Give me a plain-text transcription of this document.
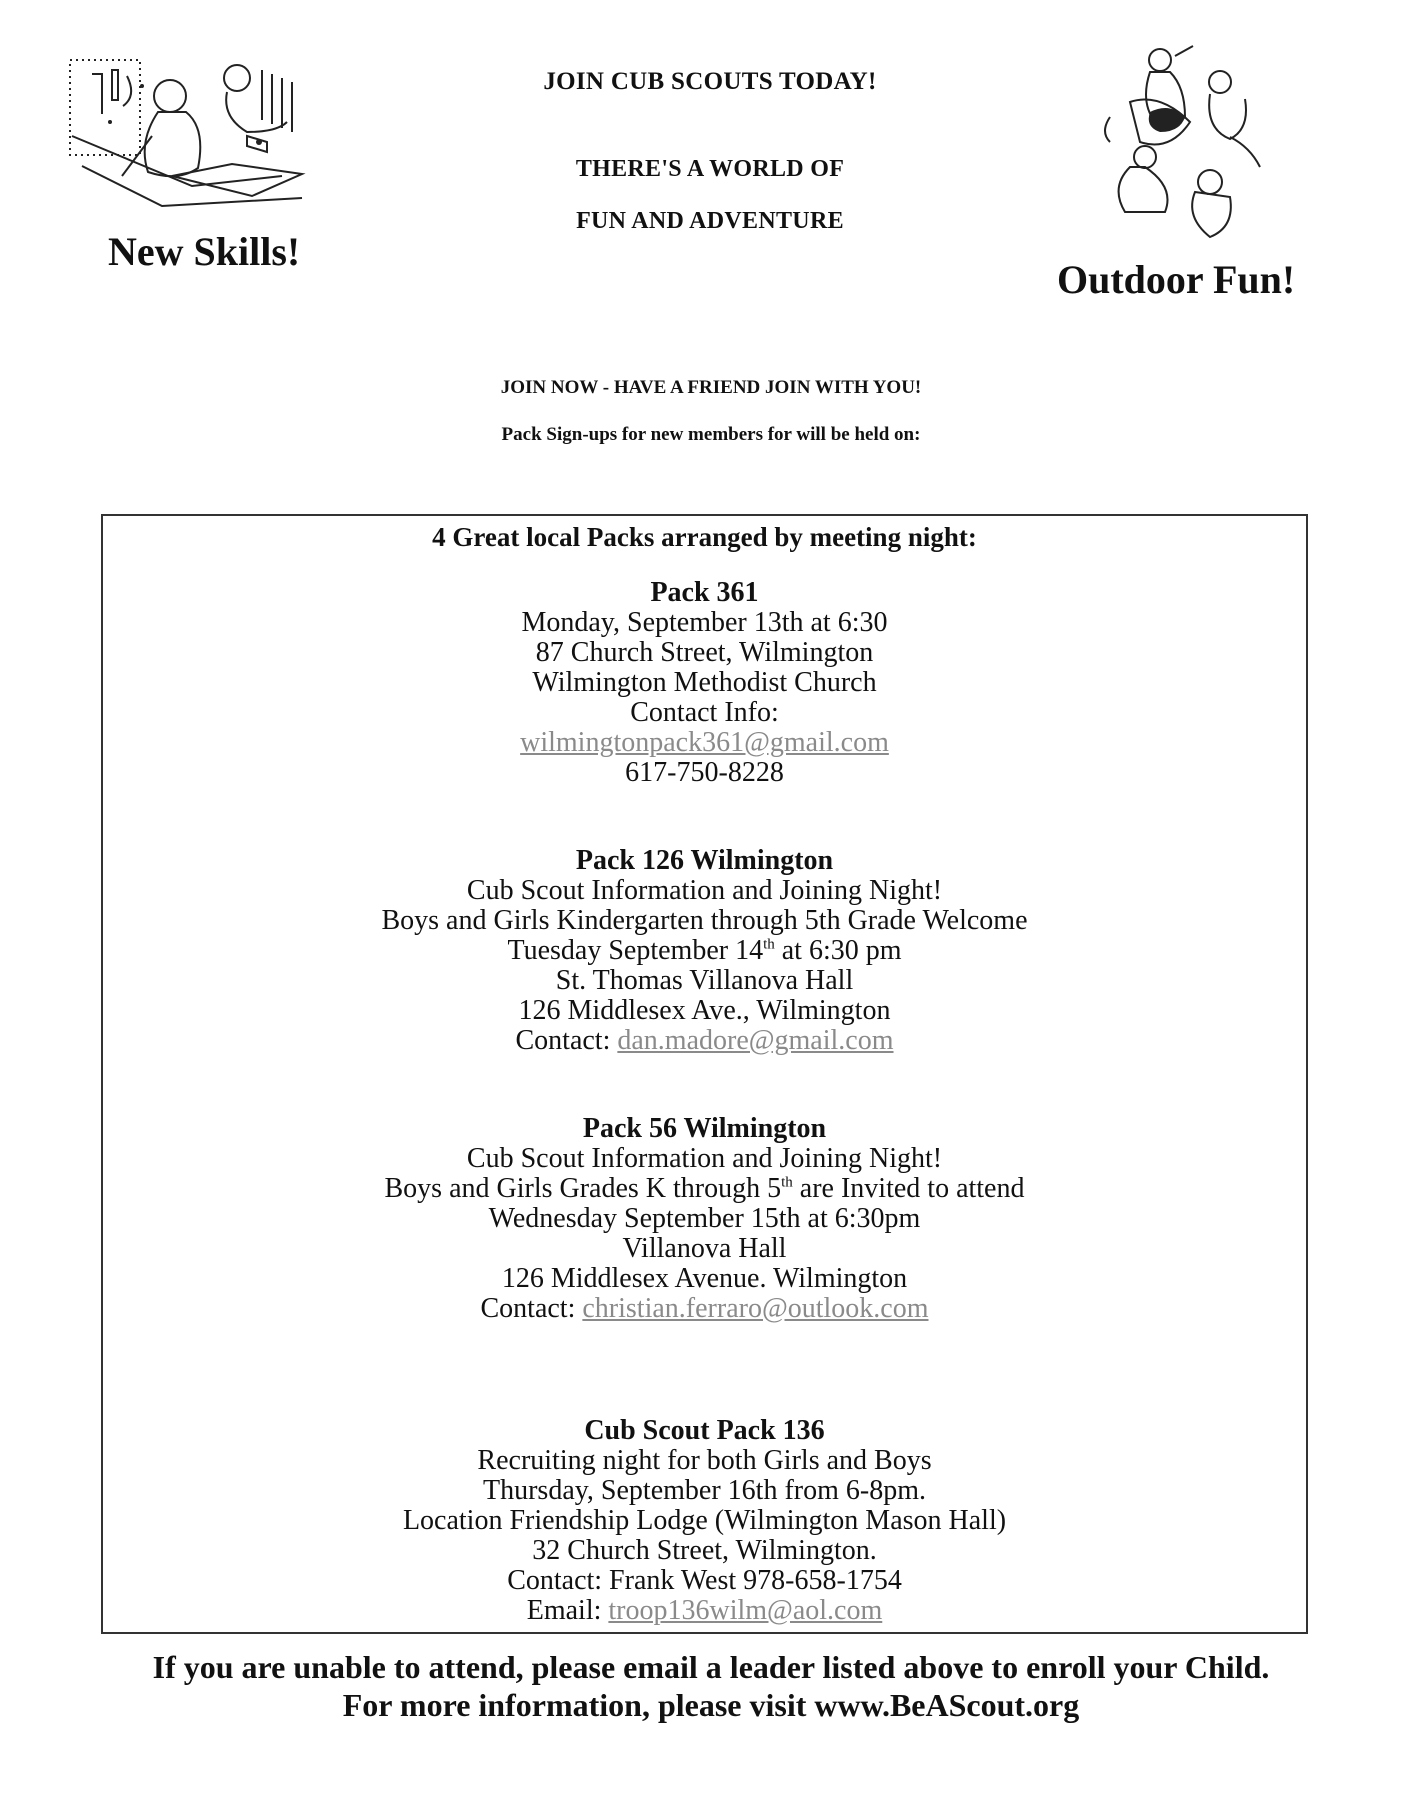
JOIN CUB SCOUTS TODAY!
THERE'S A WORLD OF
FUN AND ADVENTURE
New Skills!
Outdoor Fun!
JOIN NOW - HAVE A FRIEND JOIN WITH YOU!
Pack Sign-ups for new members for will be held on:
4 Great local Packs arranged by meeting night:
Pack 361
Monday, September 13th at 6:30
87 Church Street, Wilmington
Wilmington Methodist Church
Contact Info:
wilmingtonpack361@gmail.com
617-750-8228
Pack 126 Wilmington
Cub Scout Information and Joining Night!
Boys and Girls Kindergarten through 5th Grade Welcome
Tuesday September 14th at 6:30 pm
St. Thomas Villanova Hall
126 Middlesex Ave., Wilmington
Contact: dan.madore@gmail.com
Pack 56 Wilmington
Cub Scout Information and Joining Night!
Boys and Girls Grades K through 5th are Invited to attend
Wednesday September 15th at 6:30pm
Villanova Hall
126 Middlesex Avenue. Wilmington
Contact: christian.ferraro@outlook.com
Cub Scout Pack 136
Recruiting night for both Girls and Boys
Thursday, September 16th from 6-8pm.
Location Friendship Lodge (Wilmington Mason Hall)
32 Church Street, Wilmington.
Contact: Frank West 978-658-1754
Email: troop136wilm@aol.com
If you are unable to attend, please email a leader listed above to enroll your Child.
For more information, please visit www.BeAScout.org
